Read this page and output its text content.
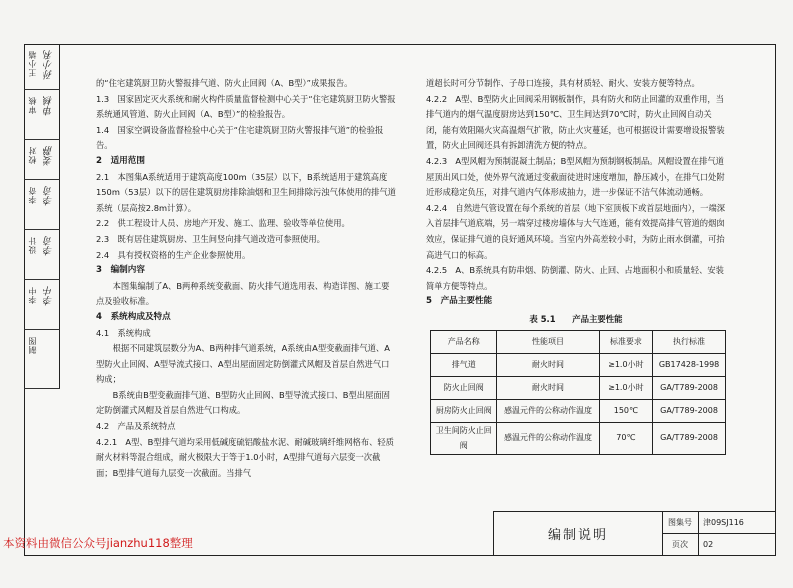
王小墙 孙小利
审核 审核
校对 姜静
李奇 李奇
设计 李奇
李中 李中
制图

的“住宅建筑厨卫防火警报排气道、防火止回阀（A、B型）”成果报告。

1.3　国家固定灭火系统和耐火构件质量监督检测中心关于“住宅建筑厨卫防火警报系统通风管道、防火止回阀（A、B型）”的检验报告。

1.4　国家空调设备监督检验中心关于“住宅建筑厨卫防火警报排气道”的检验报告。

2　适用范围

2.1　本图集A系统适用于建筑高度100m（35层）以下，B系统适用于建筑高度150m（53层）以下的居住建筑厨房排除油烟和卫生间排除污浊气体使用的排气道系统（层高按2.8m计算）。

2.2　供工程设计人员、房地产开发、施工、监理、验收等单位使用。

2.3　既有居住建筑厨房、卫生间竖向排气道改造可参照使用。

2.4　具有授权资格的生产企业参照使用。

3　编制内容

本图集编制了A、B两种系统变截面、防火排气道选用表、构造详图、施工要点及验收标准。

4　系统构成及特点

4.1　系统构成

根据不同建筑层数分为A、B两种排气道系统，A系统由A型变截面排气道、A型防火止回阀、A型导流式接口、A型出屋面固定防倒灌式风帽及首层自然进气口构成；

B系统由B型变截面排气道、B型防火止回阀、B型导流式接口、B型出屋面固定防倒灌式风帽及首层自然进气口构成。

4.2　产品及系统特点

4.2.1　A型、B型排气道均采用低碱度硫铝酸盐水泥、耐碱玻璃纤维网格布、轻质耐火材料等混合组成，耐火极限大于等于1.0小时，A型排气道每六层变一次截面；B型排气道每九层变一次截面。当排气

道超长时可分节制作、子母口连接，具有材质轻、耐火、安装方便等特点。

4.2.2　A型、B型防火止回阀采用钢板制作，具有防火和防止回灌的双重作用，当排气道内的烟气温度厨房达到150℃、卫生间达到70℃时，防火止回阀自动关闭，能有效阻隔火灾高温烟气扩散，防止火灾蔓延，也可根据设计需要增设报警装置，防火止回阀还具有拆卸清洗方便的特点。

4.2.3　A型风帽为预制混凝土制品；B型风帽为预制钢板制品。风帽设置在排气道屋顶出风口处，使外界气流通过变截面徒进时速度增加，静压减小，在排气口处附近形成稳定负压，对排气道内气体形成抽力，进一步保证不洁气体流动通畅。

4.2.4　自然进气管设置在每个系统的首层（地下室顶板下或首层地面内），一端深入首层排气道底端，另一端穿过楼房墙体与大气连通，能有效提高排气管道的烟囱效应，保证排气道的良好通风环境。当室内外高差较小时，为防止雨水倒灌，可抬高进气口的标高。

4.2.5　A、B系统具有防串烟、防倒灌、防火、止回、占地面积小和质量轻、安装简单方便等特点。

5　产品主要性能

表 5.1　　产品主要性能
产品名称	性能项目	标准要求	执行标准
排气道	耐火时间	≥1.0小时	GB17428-1998
防火止回阀	耐火时间	≥1.0小时	GA/T789-2008
厨房防火止回阀	感温元件的公称动作温度	150℃	GA/T789-2008
卫生间防火止回阀	感温元件的公称动作温度	70℃	GA/T789-2008
编制说明
图集号	津09SJ116
页次	02
本资料由微信公众号jianzhu118整理
